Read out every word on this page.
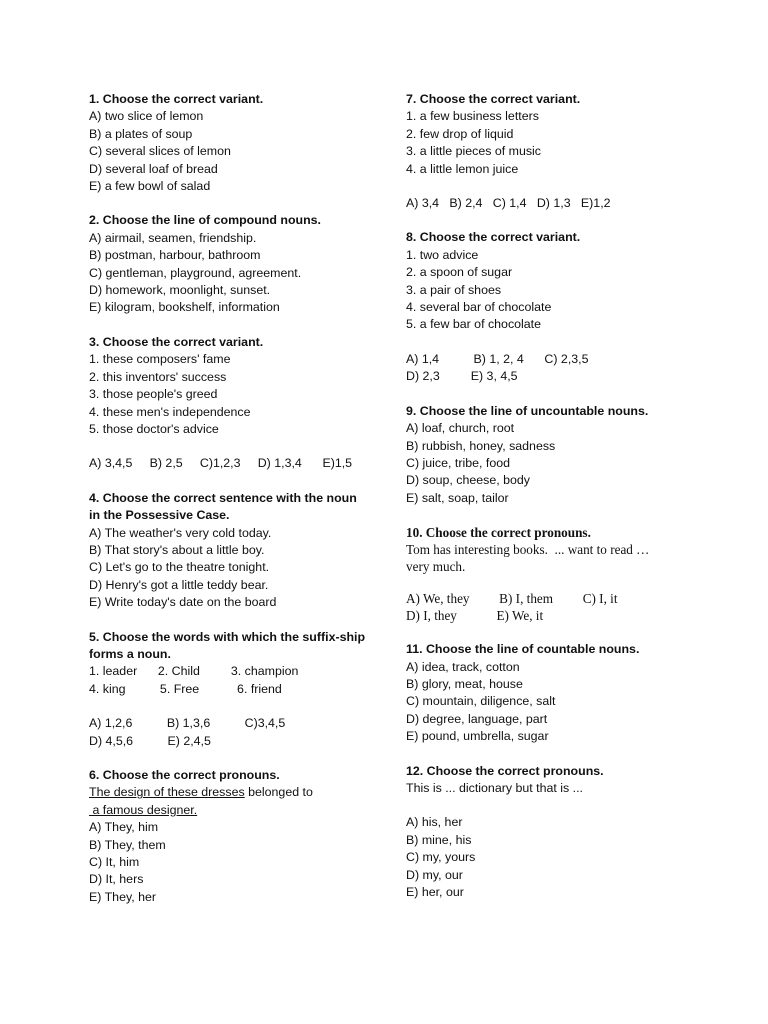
1. Choose the correct variant.
A) two slice of lemon
B) a plates of soup
C) several slices of lemon
D) several loaf of bread
E) a few bowl of salad
2. Choose the line of compound nouns.
A) airmail, seamen, friendship.
B) postman, harbour, bathroom
C) gentleman, playground, agreement.
D) homework, moonlight, sunset.
E) kilogram, bookshelf, information
3. Choose the correct variant.
1. these composers' fame
2. this inventors' success
3. those people's greed
4. these men's independence
5. those doctor's advice
A) 3,4,5     B) 2,5     C)1,2,3     D) 1,3,4      E)1,5
4. Choose the correct sentence with the noun
in the Possessive Case.
A) The weather's very cold today.
B) That story's about a little boy.
C) Let's go to the theatre tonight.
D) Henry's got a little teddy bear.
E) Write today's date on the board
5. Choose the words with which the suffix-ship
forms a noun.
1. leader      2. Child         3. champion
4. king          5. Free           6. friend
A) 1,2,6          B) 1,3,6          C)3,4,5
D) 4,5,6          E) 2,4,5
6. Choose the correct pronouns.
The design of these dresses belonged to
a famous designer.
A) They, him
B) They, them
C) It, him
D) It, hers
E) They, her
7. Choose the correct variant.
1. a few business letters
2. few drop of liquid
3. a little pieces of music
4. a little lemon juice
A) 3,4   B) 2,4   C) 1,4   D) 1,3   E)1,2
8. Choose the correct variant.
1. two advice
2. a spoon of sugar
3. a pair of shoes
4. several bar of chocolate
5. a few bar of chocolate
A) 1,4          B) 1, 2, 4      C) 2,3,5
D) 2,3         E) 3, 4,5
9. Choose the line of uncountable nouns.
A) loaf, church, root
B) rubbish, honey, sadness
C) juice, tribe, food
D) soup, cheese, body
E) salt, soap, tailor
10. Choose the correct pronouns.
Tom has interesting books.  ... want to read …
very much.
A) We, they         B) I, them         C) I, it
D) I, they            E) We, it
11. Choose the line of countable nouns.
A) idea, track, cotton
B) glory, meat, house
C) mountain, diligence, salt
D) degree, language, part
E) pound, umbrella, sugar
12. Choose the correct pronouns.
This is ... dictionary but that is ...
A) his, her
B) mine, his
C) my, yours
D) my, our
E) her, our
